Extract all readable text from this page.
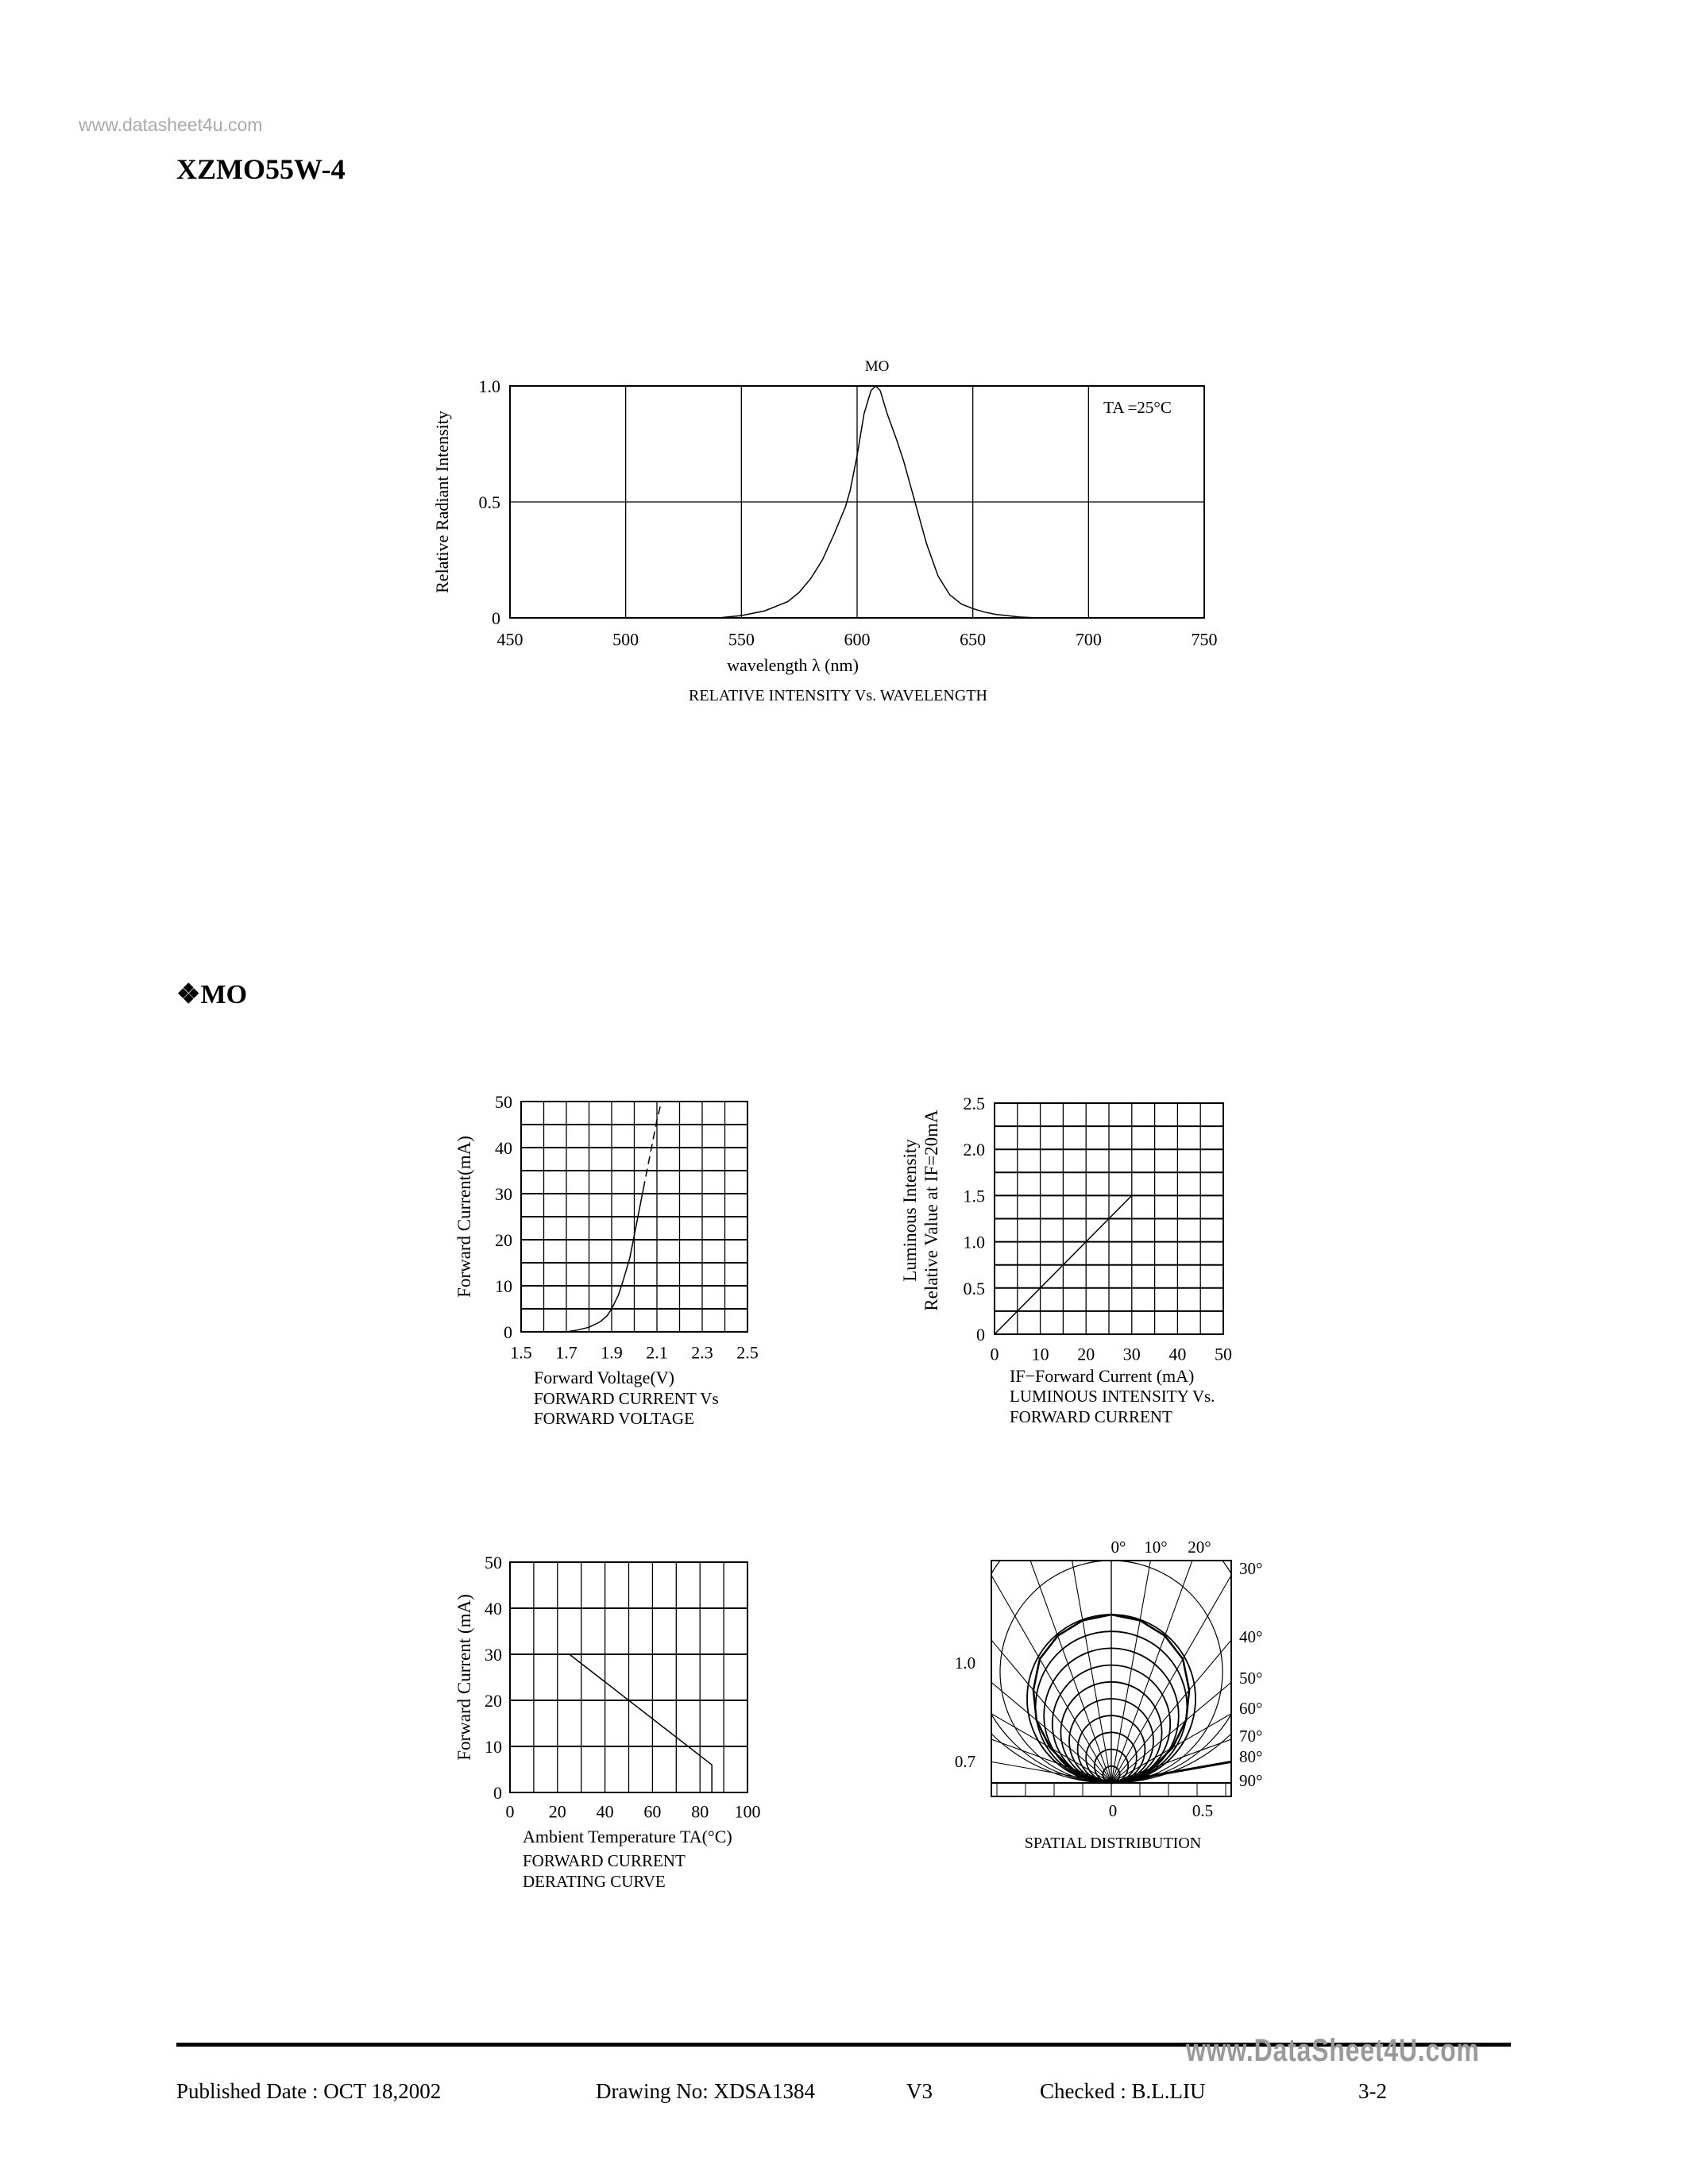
www.datasheet4u.com
XZMO55W-4
❖MO
450	500	550	600	650	700	750
0
0.5
1.0
1.5 1.7 1.9 2.1 2.3 2.5
0
10
20
30
40
50
0 10 20 30 40 50
0
0.5
1.0
1.5
2.0
2.5
0 20 40 60 80 100
0
10
20
30
40
50
MO
TA =25°C
Relative Radiant Intensity
wavelength λ (nm)
RELATIVE INTENSITY Vs. WAVELENGTH
Forward Current(mA)
Forward Voltage(V)
FORWARD CURRENT Vs
FORWARD VOLTAGE
Luminous Intensity Relative Value at IF=20mA
IF−Forward Current (mA)
LUMINOUS INTENSITY Vs.
FORWARD CURRENT
Forward Current (mA)
Ambient Temperature TA(°C)
FORWARD CURRENT
DERATING CURVE
0° 10° 20°
30°
40°
50°
60°
70°
80°
90°
1.0
0.7
0	0.5
SPATIAL DISTRIBUTION
www.DataSheet4U.com
Published Date : OCT 18,2002	Drawing No: XDSA1384	V3	Checked : B.L.LIU	3-2
